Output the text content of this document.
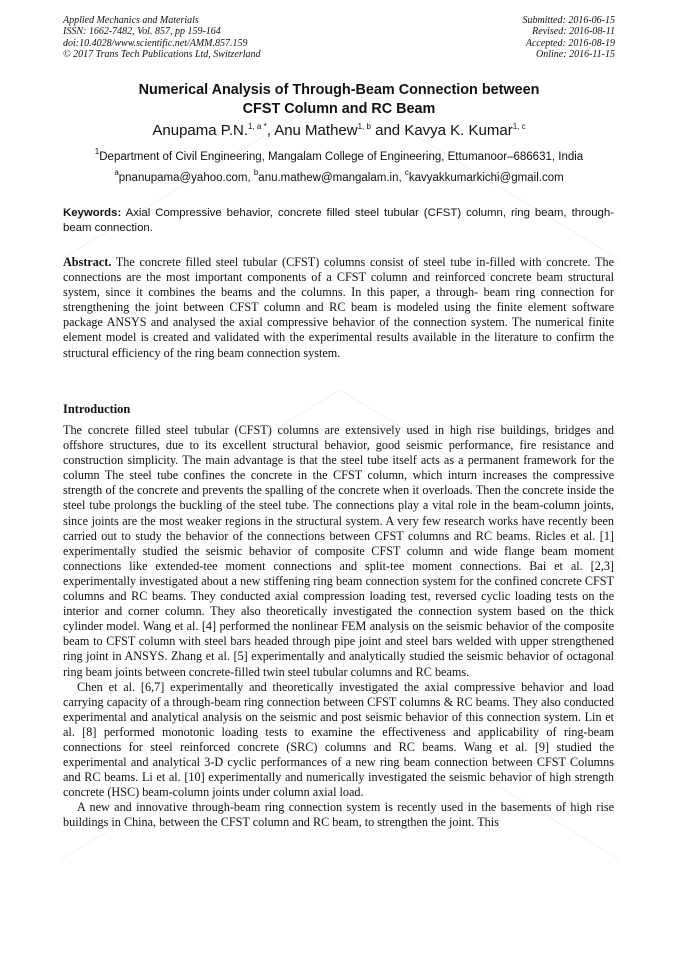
Applied Mechanics and Materials
ISSN: 1662-7482, Vol. 857, pp 159-164
doi:10.4028/www.scientific.net/AMM.857.159
© 2017 Trans Tech Publications Ltd, Switzerland
Submitted: 2016-06-15
Revised: 2016-08-11
Accepted: 2016-08-19
Online: 2016-11-15
Numerical Analysis of Through-Beam Connection between
CFST Column and RC Beam
Anupama P.N.$^{1, a *}$, Anu Mathew$^{1, b}$ and Kavya K. Kumar$^{1, c}$
$^1$Department of Civil Engineering, Mangalam College of Engineering, Ettumanoor–686631, India
$^a$pnanupama@yahoo.com, $^b$anu.mathew@mangalam.in, $^c$kavyakkumarkichi@gmail.com
Keywords: Axial Compressive behavior, concrete filled steel tubular (CFST) column, ring beam, through-beam connection.
Abstract. The concrete filled steel tubular (CFST) columns consist of steel tube in-filled with concrete. The connections are the most important components of a CFST column and reinforced concrete beam structural system, since it combines the beams and the columns. In this paper, a through- beam ring connection for strengthening the joint between CFST column and RC beam is modeled using the finite element software package ANSYS and analysed the axial compressive behavior of the connection system. The numerical finite element model is created and validated with the experimental results available in the literature to confirm the structural efficiency of the ring beam connection system.
Introduction

The concrete filled steel tubular (CFST) columns are extensively used in high rise buildings, bridges and offshore structures, due to its excellent structural behavior, good seismic performance, fire resistance and construction simplicity. The main advantage is that the steel tube itself acts as a permanent framework for the column The steel tube confines the concrete in the CFST column, which inturn increases the compressive strength of the concrete and prevents the spalling of the concrete when it overloads. Then the concrete inside the steel tube prolongs the buckling of the steel tube. The connections play a vital role in the beam-column joints, since joints are the most weaker regions in the structural system. A very few research works have recently been carried out to study the behavior of the connections between CFST columns and RC beams. Ricles et al. [1] experimentally studied the seismic behavior of composite CFST column and wide flange beam moment connections like extended-tee moment connections and split-tee moment connections. Bai et al. [2,3] experimentally investigated about a new stiffening ring beam connection system for the confined concrete CFST columns and RC beams. They conducted axial compression loading test, reversed cyclic loading tests on the interior and corner column. They also theoretically investigated the connection system based on the thick cylinder model. Wang et al. [4] performed the nonlinear FEM analysis on the seismic behavior of the composite beam to CFST column with steel bars headed through pipe joint and steel bars welded with upper strengthened ring joint in ANSYS. Zhang et al. [5] experimentally and analytically studied the seismic behavior of octagonal ring beam joints between concrete-filled twin steel tubular columns and RC beams.

Chen et al. [6,7] experimentally and theoretically investigated the axial compressive behavior and load carrying capacity of a through-beam ring connection between CFST columns & RC beams. They also conducted experimental and analytical analysis on the seismic and post seismic behavior of this connection system. Lin et al. [8] performed monotonic loading tests to examine the effectiveness and applicability of ring-beam connections for steel reinforced concrete (SRC) columns and RC beams. Wang et al. [9] studied the experimental and analytical 3-D cyclic performances of a new ring beam connection between CFST Columns and RC beams. Li et al. [10] experimentally and numerically investigated the seismic behavior of high strength concrete (HSC) beam-column joints under column axial load.

A new and innovative through-beam ring connection system is recently used in the basements of high rise buildings in China, between the CFST column and RC beam, to strengthen the joint. This
